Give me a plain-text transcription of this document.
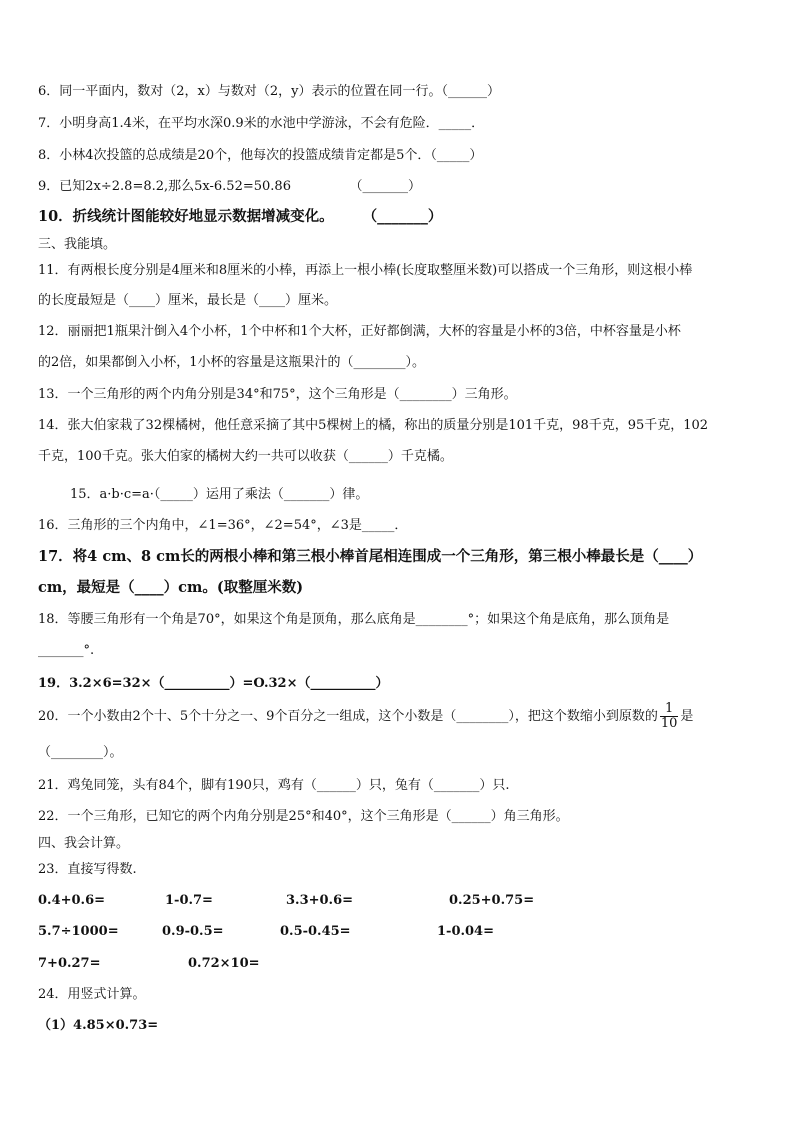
6．同一平面内，数对（2，x）与数对（2，y）表示的位置在同一行。（______）
7．小明身高1.4米，在平均水深0.9米的水池中学游泳，不会有危险．_____．
8．小林4次投篮的总成绩是20个，他每次的投篮成绩肯定都是5个．（_____）
9．已知2x÷2.8=8.2,那么5x-6.52=50.86　　　　　（_______）
10．折线统计图能较好地显示数据增减变化。　　　（_______）
三、我能填。
11．有两根长度分别是4厘米和8厘米的小棒，再添上一根小棒(长度取整厘米数)可以搭成一个三角形，则这根小棒
的长度最短是（____）厘米，最长是（____）厘米。
12．丽丽把1瓶果汁倒入4个小杯，1个中杯和1个大杯，正好都倒满，大杯的容量是小杯的3倍，中杯容量是小杯
的2倍，如果都倒入小杯，1小杯的容量是这瓶果汁的（________）。
13．一个三角形的两个内角分别是34°和75°，这个三角形是（________）三角形。
14．张大伯家栽了32棵橘树，他任意采摘了其中5棵树上的橘，称出的质量分别是101千克，98千克，95千克，102
千克，100千克。张大伯家的橘树大约一共可以收获（______）千克橘。
15．a·b·c=a·（_____）运用了乘法（_______）律。
16．三角形的三个内角中，∠1=36°，∠2=54°，∠3是_____．
17．将4 cm、8 cm长的两根小棒和第三根小棒首尾相连围成一个三角形，第三根小棒最长是（____）
cm，最短是（____）cm。(取整厘米数)
18．等腰三角形有一个角是70°，如果这个角是顶角，那么底角是________°；如果这个角是底角，那么顶角是
_______°.
19．3.2×6=32×（__________）=O.32×（__________）
20．一个小数由2个十、5个十分之一、9个百分之一组成，这个小数是（________），把这个数缩小到原数的 $\frac{1}{10}$ 是
（________）。
21．鸡兔同笼，头有84个，脚有190只，鸡有（______）只，兔有（_______）只.
22．一个三角形，已知它的两个内角分别是25°和40°，这个三角形是（______）角三角形。
四、我会计算。
23．直接写得数.
0.4+0.6=	1-0.7=	3.3+0.6=	0.25+0.75=
5.7÷1000=	0.9-0.5=	0.5-0.45=	1-0.04=
7+0.27=	0.72×10=
24．用竖式计算。
（1）4.85×0.73=
